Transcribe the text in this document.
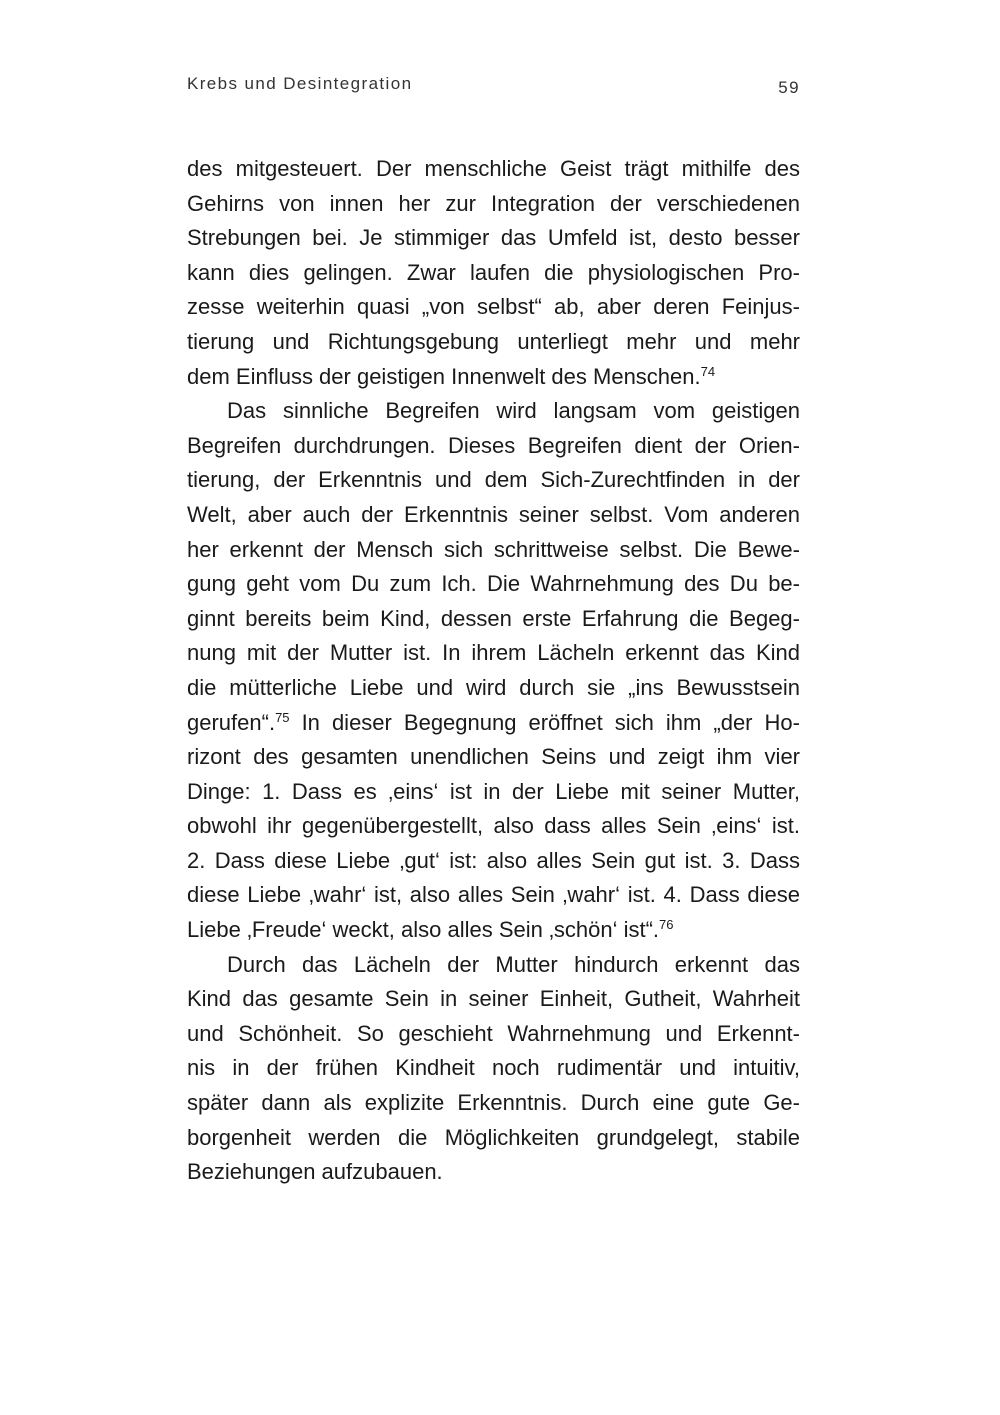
Krebs und Desintegration	59
des mitgesteuert. Der menschliche Geist trägt mithilfe des
Gehirns von innen her zur Integration der verschiedenen
Strebungen bei. Je stimmiger das Umfeld ist, desto besser
kann dies gelingen. Zwar laufen die physiologischen Pro-
zesse weiterhin quasi „von selbst“ ab, aber deren Feinjus-
tierung und Richtungsgebung unterliegt mehr und mehr
dem Einfluss der geistigen Innenwelt des Menschen.$^{74}$
Das sinnliche Begreifen wird langsam vom geistigen
Begreifen durchdrungen. Dieses Begreifen dient der Orien-
tierung, der Erkenntnis und dem Sich-Zurechtfinden in der
Welt, aber auch der Erkenntnis seiner selbst. Vom anderen
her erkennt der Mensch sich schrittweise selbst. Die Bewe-
gung geht vom Du zum Ich. Die Wahrnehmung des Du be-
ginnt bereits beim Kind, dessen erste Erfahrung die Begeg-
nung mit der Mutter ist. In ihrem Lächeln erkennt das Kind
die mütterliche Liebe und wird durch sie „ins Bewusstsein
gerufen“.$^{75}$ In dieser Begegnung eröffnet sich ihm „der Ho-
rizont des gesamten unendlichen Seins und zeigt ihm vier
Dinge: 1. Dass es ‚eins‘ ist in der Liebe mit seiner Mutter,
obwohl ihr gegenübergestellt, also dass alles Sein ‚eins‘ ist.
2. Dass diese Liebe ‚gut‘ ist: also alles Sein gut ist. 3. Dass
diese Liebe ‚wahr‘ ist, also alles Sein ‚wahr‘ ist. 4. Dass diese
Liebe ‚Freude‘ weckt, also alles Sein ‚schön‘ ist“.$^{76}$
Durch das Lächeln der Mutter hindurch erkennt das
Kind das gesamte Sein in seiner Einheit, Gutheit, Wahrheit
und Schönheit. So geschieht Wahrnehmung und Erkennt-
nis in der frühen Kindheit noch rudimentär und intuitiv,
später dann als explizite Erkenntnis. Durch eine gute Ge-
borgenheit werden die Möglichkeiten grundgelegt, stabile
Beziehungen aufzubauen.
